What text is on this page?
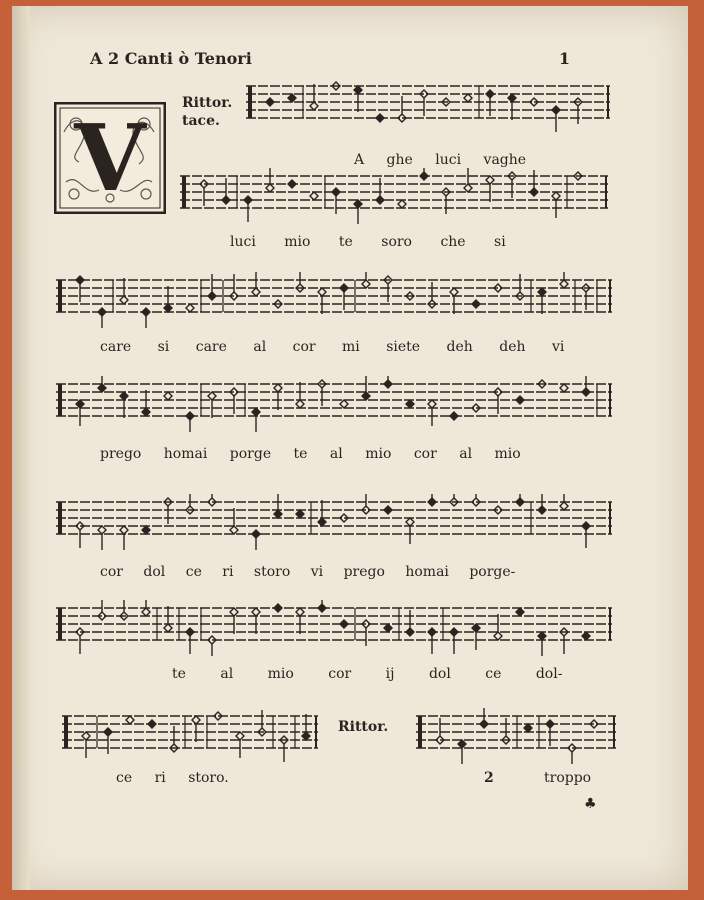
A 2 Canti ò Tenori	1
V
Rittor.
tace.
A ghe luci vaghe
luci mio te soro che si
care si care al cor mi siete deh deh vi
prego homai porge te al mio cor al mio
cor dol ce ri storo vi prego homai porge-
te al mio cor ij dol ce dol-
Rittor.
ce ri storo.	2	troppo
♣
